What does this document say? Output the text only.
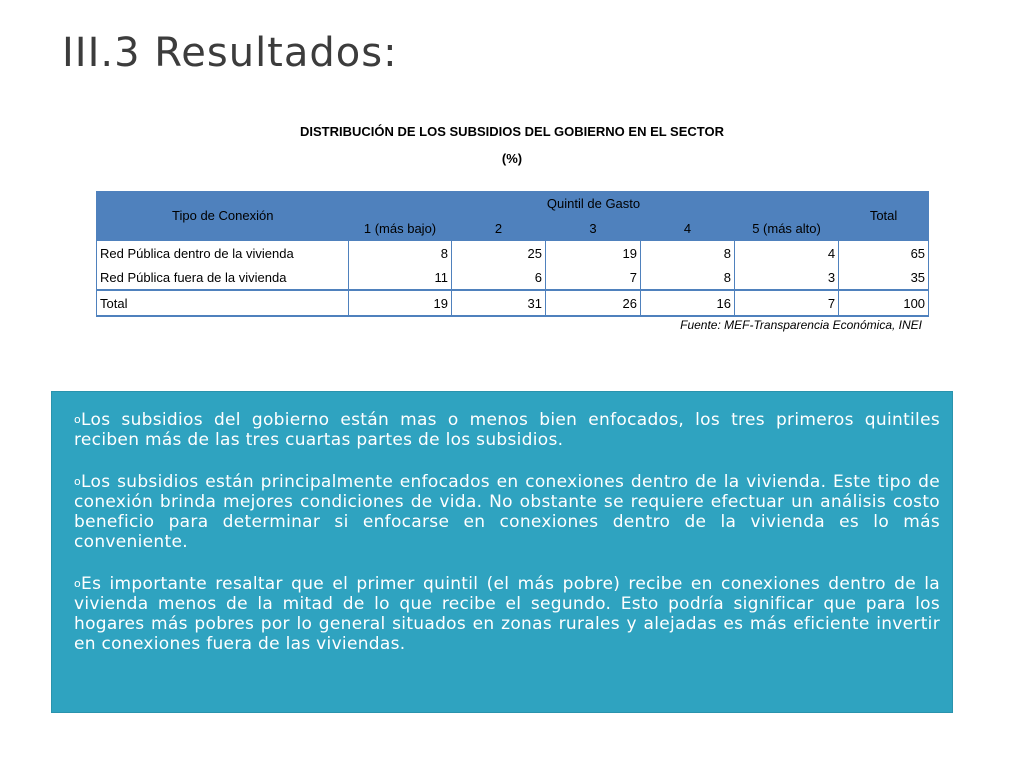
III.3 Resultados:
DISTRIBUCIÓN DE LOS SUBSIDIOS DEL GOBIERNO EN EL SECTOR
(%)
Tipo de Conexión	Quintil de Gasto					Total
	1 (más bajo)	2	3	4	5 (más alto)	
Red Pública dentro de la vivienda	8	25	19	8	4	65
Red Pública fuera de la vivienda	11	6	7	8	3	35
Total	19	31	26	16	7	100
Fuente: MEF-Transparencia Económica, INEI

oLos subsidios del gobierno están mas o menos bien enfocados, los tres primeros quintiles reciben más de las tres cuartas partes de los subsidios.

oLos subsidios están principalmente enfocados en conexiones dentro de la vivienda. Este tipo de conexión brinda mejores condiciones de vida. No obstante se requiere efectuar un análisis costo beneficio para determinar si enfocarse en conexiones dentro de la vivienda es lo más conveniente.

oEs importante resaltar que el primer quintil (el más pobre) recibe en conexiones dentro de la vivienda menos de la mitad de lo que recibe el segundo. Esto podría significar que para los hogares más pobres por lo general situados en zonas rurales y alejadas es más eficiente invertir en conexiones fuera de las viviendas.
